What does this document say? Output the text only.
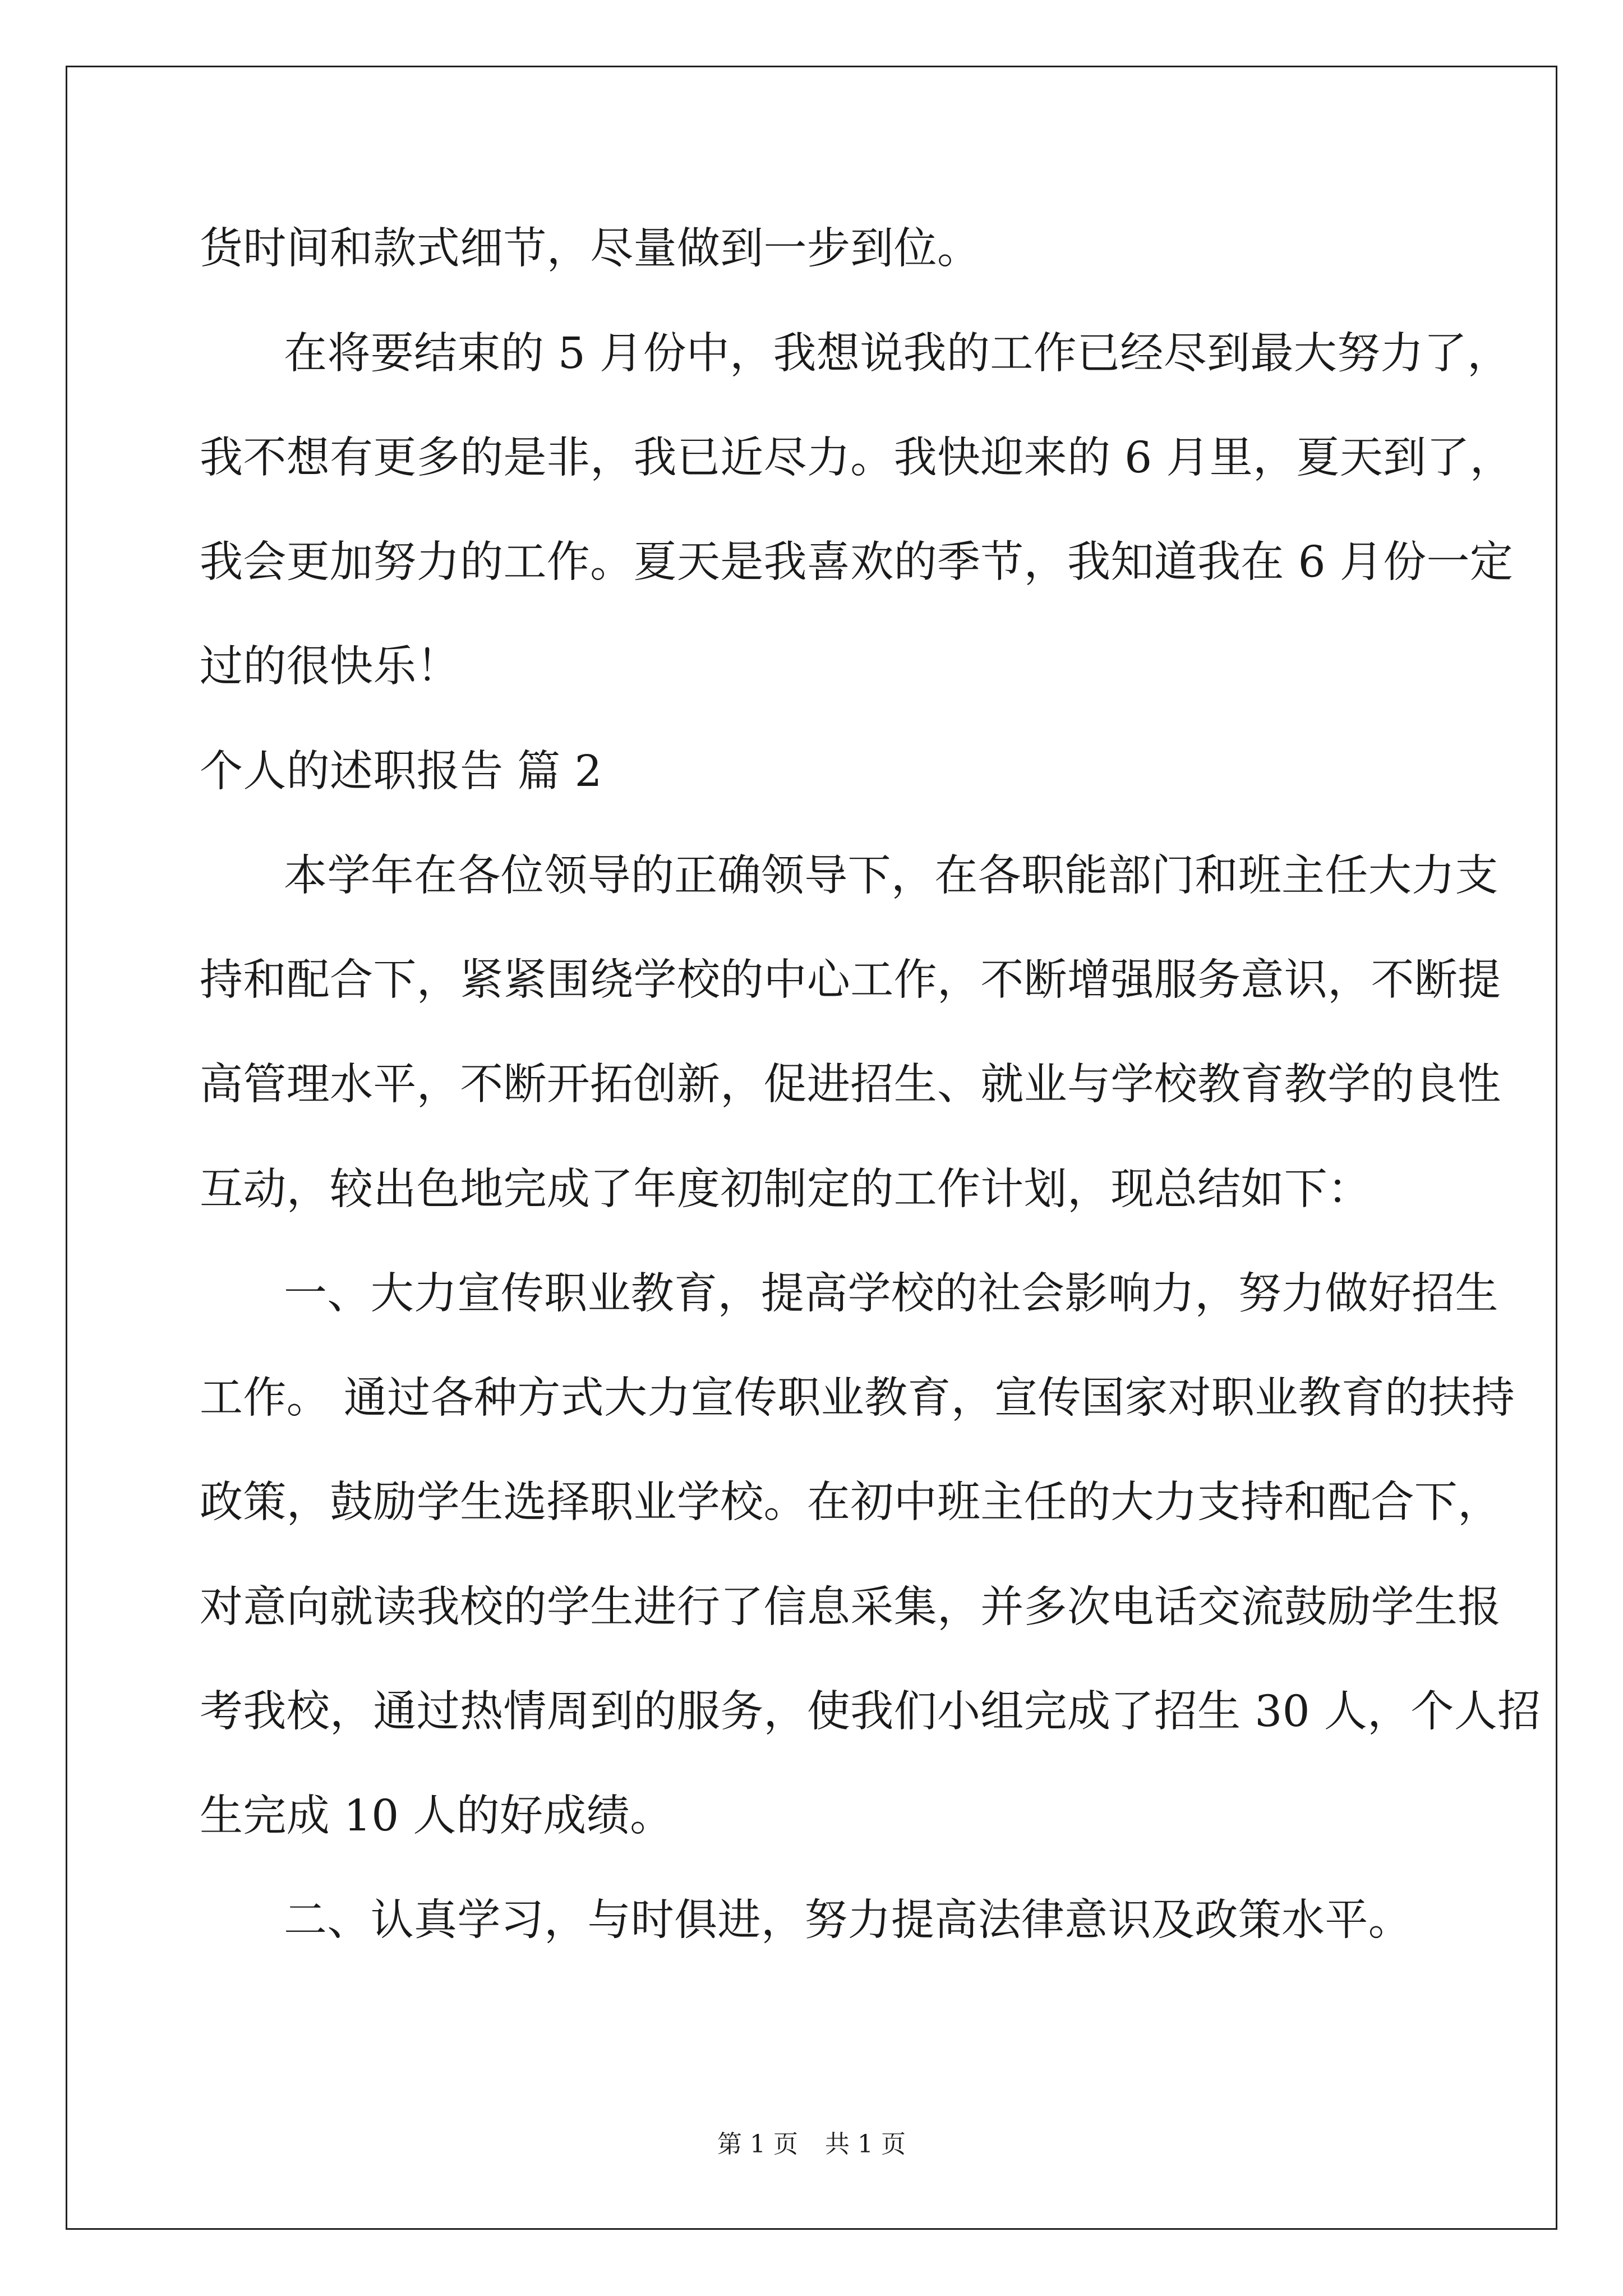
货时间和款式细节，尽量做到一步到位。
在将要结束的 5 月份中，我想说我的工作已经尽到最大努力了，
我不想有更多的是非，我已近尽力。我快迎来的 6 月里，夏天到了，
我会更加努力的工作。夏天是我喜欢的季节，我知道我在 6 月份一定
过的很快乐！
个人的述职报告 篇 2
本学年在各位领导的正确领导下，在各职能部门和班主任大力支
持和配合下，紧紧围绕学校的中心工作，不断增强服务意识，不断提
高管理水平，不断开拓创新，促进招生、就业与学校教育教学的良性
互动，较出色地完成了年度初制定的工作计划，现总结如下：
一、大力宣传职业教育，提高学校的社会影响力，努力做好招生
工作。 通过各种方式大力宣传职业教育，宣传国家对职业教育的扶持
政策，鼓励学生选择职业学校。在初中班主任的大力支持和配合下，
对意向就读我校的学生进行了信息采集，并多次电话交流鼓励学生报
考我校，通过热情周到的服务，使我们小组完成了招生 30 人，个人招
生完成 10 人的好成绩。
二、认真学习，与时俱进，努力提高法律意识及政策水平。
第 1 页 共 1 页
